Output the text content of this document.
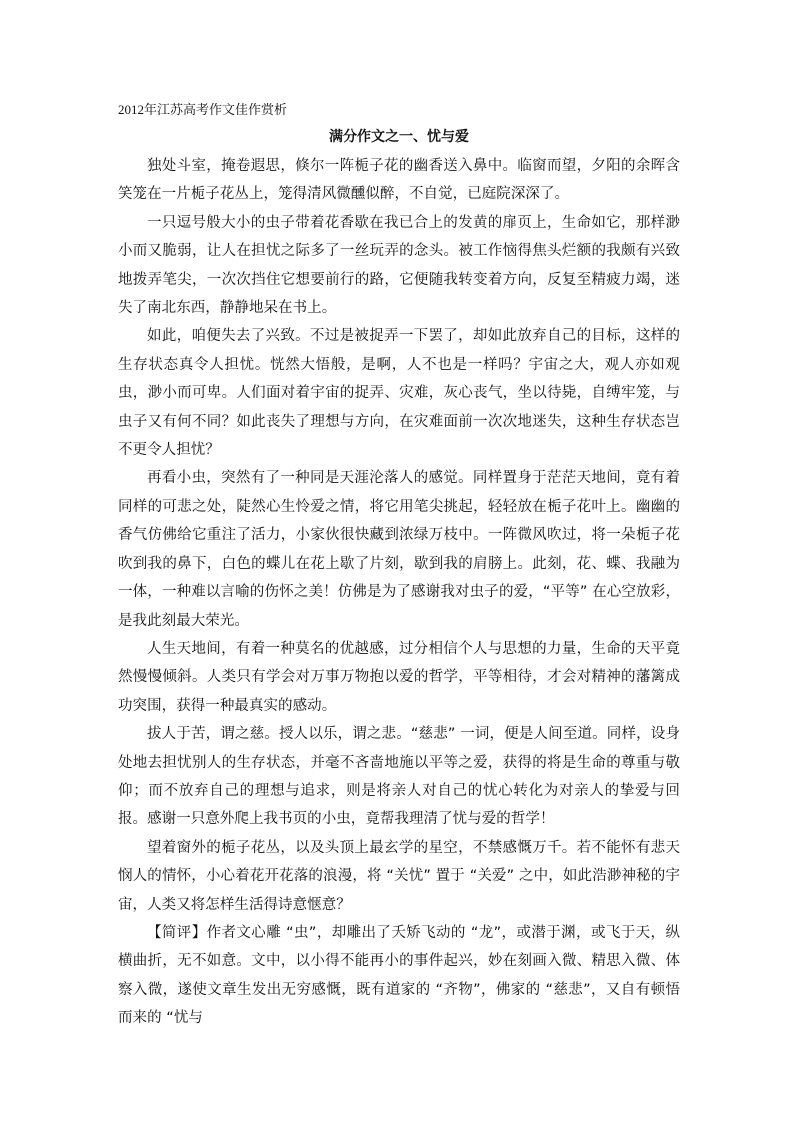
2012年江苏高考作文佳作赏析

满分作文之一、忧与爱

独处斗室，掩卷遐思，倏尔一阵栀子花的幽香送入鼻中。临窗而望，夕阳的余晖含笑笼在一片栀子花丛上，笼得清风微醺似醉，不自觉，已庭院深深了。

一只逗号般大小的虫子带着花香歇在我已合上的发黄的扉页上，生命如它，那样渺小而又脆弱，让人在担忧之际多了一丝玩弄的念头。被工作恼得焦头烂额的我颇有兴致地拨弄笔尖，一次次挡住它想要前行的路，它便随我转变着方向，反复至精疲力竭，迷失了南北东西，静静地呆在书上。

如此，咱便失去了兴致。不过是被捉弄一下罢了，却如此放弃自己的目标，这样的生存状态真令人担忧。恍然大悟般，是啊，人不也是一样吗？宇宙之大，观人亦如观虫，渺小而可卑。人们面对着宇宙的捉弄、灾难，灰心丧气，坐以待毙，自缚牢笼，与虫子又有何不同？如此丧失了理想与方向，在灾难面前一次次地迷失，这种生存状态岂不更令人担忧？

再看小虫，突然有了一种同是天涯沦落人的感觉。同样置身于茫茫天地间，竟有着同样的可悲之处，陡然心生怜爱之情，将它用笔尖挑起，轻轻放在栀子花叶上。幽幽的香气仿佛给它重注了活力，小家伙很快藏到浓绿万枝中。一阵微风吹过，将一朵栀子花吹到我的鼻下，白色的蝶儿在花上歇了片刻，歇到我的肩膀上。此刻，花、蝶、我融为一体，一种难以言喻的伤怀之美！仿佛是为了感谢我对虫子的爱，“平等” 在心空放彩，是我此刻最大荣光。

人生天地间，有着一种莫名的优越感，过分相信个人与思想的力量，生命的天平竟然慢慢倾斜。人类只有学会对万事万物抱以爱的哲学，平等相待，才会对精神的藩篱成功突围，获得一种最真实的感动。

拔人于苦，谓之慈。授人以乐，谓之悲。“慈悲” 一词，便是人间至道。同样，设身处地去担忧别人的生存状态，并毫不吝啬地施以平等之爱，获得的将是生命的尊重与敬仰；而不放弃自己的理想与追求，则是将亲人对自己的忧心转化为对亲人的挚爱与回报。感谢一只意外爬上我书页的小虫，竟帮我理清了忧与爱的哲学！

望着窗外的栀子花丛，以及头顶上最玄学的星空，不禁感慨万千。若不能怀有悲天悯人的情怀，小心着花开花落的浪漫，将 “关忧” 置于 “关爱” 之中，如此浩渺神秘的宇宙，人类又将怎样生活得诗意惬意？

【简评】作者文心雕 “虫”，却雕出了夭矫飞动的 “龙”，或潜于渊，或飞于天，纵横曲折，无不如意。文中，以小得不能再小的事件起兴，妙在刻画入微、精思入微、体察入微，遂使文章生发出无穷感慨，既有道家的 “齐物”，佛家的 “慈悲”，又自有顿悟而来的 “忧与
